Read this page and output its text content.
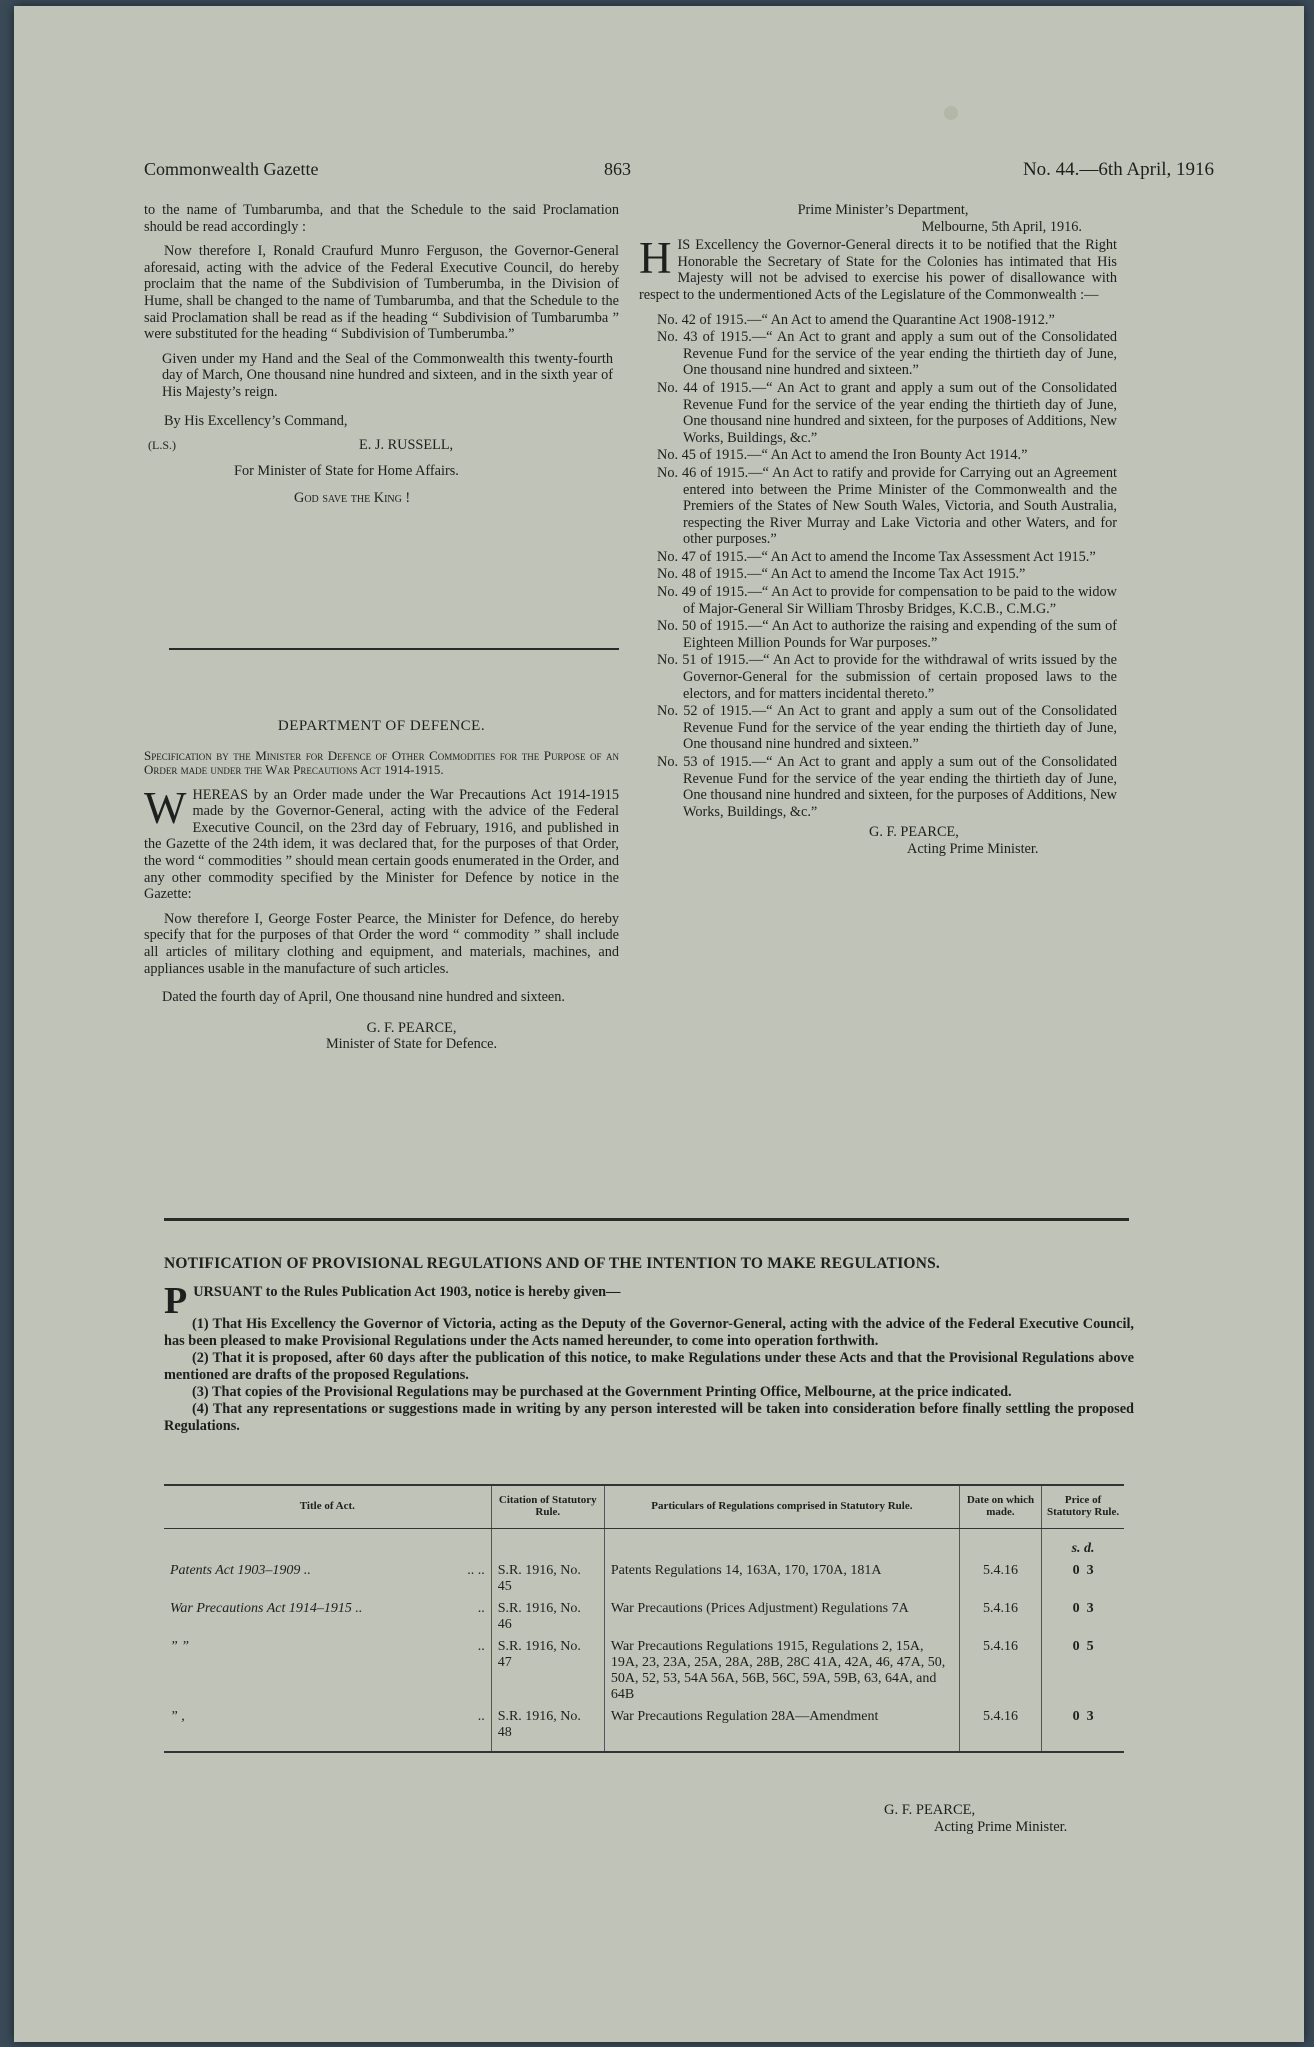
Commonwealth Gazette	863	No. 44.—6th April, 1916

to the name of Tumbarumba, and that the Schedule to the said Proclamation should be read accordingly :

Now therefore I, Ronald Craufurd Munro Ferguson, the Governor-General aforesaid, acting with the advice of the Federal Executive Council, do hereby proclaim that the name of the Subdivision of Tumberumba, in the Division of Hume, shall be changed to the name of Tumbarumba, and that the Schedule to the said Proclamation shall be read as if the heading “ Subdivision of Tumbarumba ” were substituted for the heading “ Subdivision of Tumberumba.”

Given under my Hand and the Seal of the Commonwealth this twenty-fourth day of March, One thousand nine hundred and sixteen, and in the sixth year of His Majesty’s reign.

By His Excellency’s Command,

(L.S.)	E. J. RUSSELL,

For Minister of State for Home Affairs.

God save the King !

DEPARTMENT OF DEFENCE.

Specification by the Minister for Defence of Other Commodities for the Purpose of an Order made under the War Precautions Act 1914-1915.

WHEREAS by an Order made under the War Precautions Act 1914-1915 made by the Governor-General, acting with the advice of the Federal Executive Council, on the 23rd day of February, 1916, and published in the Gazette of the 24th idem, it was declared that, for the purposes of that Order, the word “ commodities ” should mean certain goods enumerated in the Order, and any other commodity specified by the Minister for Defence by notice in the Gazette:

Now therefore I, George Foster Pearce, the Minister for Defence, do hereby specify that for the purposes of that Order the word “ commodity ” shall include all articles of military clothing and equipment, and materials, machines, and appliances usable in the manufacture of such articles.

Dated the fourth day of April, One thousand nine hundred and sixteen.

G. F. PEARCE,

Minister of State for Defence.

Prime Minister’s Department,

Melbourne, 5th April, 1916.

HIS Excellency the Governor-General directs it to be notified that the Right Honorable the Secretary of State for the Colonies has intimated that His Majesty will not be advised to exercise his power of disallowance with respect to the undermentioned Acts of the Legislature of the Commonwealth :—

No. 42 of 1915.—“ An Act to amend the Quarantine Act 1908-1912.”
No. 43 of 1915.—“ An Act to grant and apply a sum out of the Consolidated Revenue Fund for the service of the year ending the thirtieth day of June, One thousand nine hundred and sixteen.”
No. 44 of 1915.—“ An Act to grant and apply a sum out of the Consolidated Revenue Fund for the service of the year ending the thirtieth day of June, One thousand nine hundred and sixteen, for the purposes of Additions, New Works, Buildings, &c.”
No. 45 of 1915.—“ An Act to amend the Iron Bounty Act 1914.”
No. 46 of 1915.—“ An Act to ratify and provide for Carrying out an Agreement entered into between the Prime Minister of the Commonwealth and the Premiers of the States of New South Wales, Victoria, and South Australia, respecting the River Murray and Lake Victoria and other Waters, and for other purposes.”
No. 47 of 1915.—“ An Act to amend the Income Tax Assessment Act 1915.”
No. 48 of 1915.—“ An Act to amend the Income Tax Act 1915.”
No. 49 of 1915.—“ An Act to provide for compensation to be paid to the widow of Major-General Sir William Throsby Bridges, K.C.B., C.M.G.”
No. 50 of 1915.—“ An Act to authorize the raising and expending of the sum of Eighteen Million Pounds for War purposes.”
No. 51 of 1915.—“ An Act to provide for the withdrawal of writs issued by the Governor-General for the submission of certain proposed laws to the electors, and for matters incidental thereto.”
No. 52 of 1915.—“ An Act to grant and apply a sum out of the Consolidated Revenue Fund for the service of the year ending the thirtieth day of June, One thousand nine hundred and sixteen.”
No. 53 of 1915.—“ An Act to grant and apply a sum out of the Consolidated Revenue Fund for the service of the year ending the thirtieth day of June, One thousand nine hundred and sixteen, for the purposes of Additions, New Works, Buildings, &c.”

G. F. PEARCE,

Acting Prime Minister.

NOTIFICATION OF PROVISIONAL REGULATIONS AND OF THE INTENTION TO MAKE REGULATIONS.

PURSUANT to the Rules Publication Act 1903, notice is hereby given—

(1) That His Excellency the Governor of Victoria, acting as the Deputy of the Governor-General, acting with the advice of the Federal Executive Council, has been pleased to make Provisional Regulations under the Acts named hereunder, to come into operation forthwith.

(2) That it is proposed, after 60 days after the publication of this notice, to make Regulations under these Acts and that the Provisional Regulations above mentioned are drafts of the proposed Regulations.

(3) That copies of the Provisional Regulations may be purchased at the Government Printing Office, Melbourne, at the price indicated.

(4) That any representations or suggestions made in writing by any person interested will be taken into consideration before finally settling the proposed Regulations.

Title of Act.	Citation of Statutory Rule.	Particulars of Regulations comprised in Statutory Rule.	Date on which made.	Price of Statutory Rule.
				s. d.
Patents Act 1903–1909 .. .. ..	S.R. 1916, No. 45	Patents Regulations 14, 163A, 170, 170A, 181A	5.4.16	0  3
War Precautions Act 1914–1915 .. ..	S.R. 1916, No. 46	War Precautions (Prices Adjustment) Regulations 7A	5.4.16	0  3
” ” ..	S.R. 1916, No. 47	War Precautions Regulations 1915, Regulations 2, 15A, 19A, 23, 23A, 25A, 28A, 28B, 28C 41A, 42A, 46, 47A, 50, 50A, 52, 53, 54A 56A, 56B, 56C, 59A, 59B, 63, 64A, and 64B	5.4.16	0  5
” , ..	S.R. 1916, No. 48	War Precautions Regulation 28A—Amendment	5.4.16	0  3
G. F. PEARCE,
Acting Prime Minister.
